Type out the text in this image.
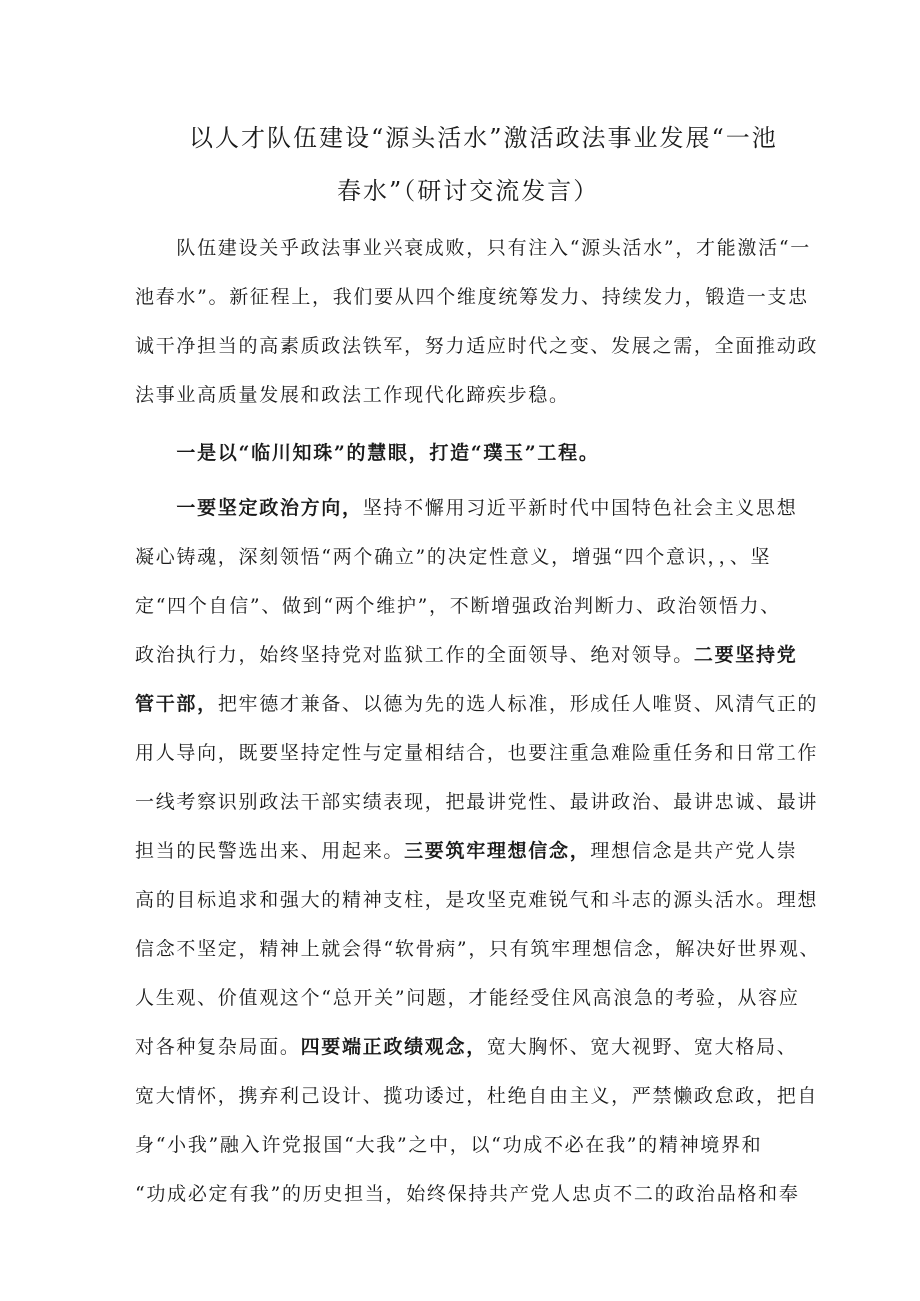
以人才队伍建设“源头活水”激活政法事业发展“一池
春水”（研讨交流发言）
　　队伍建设关乎政法事业兴衰成败，只有注入“源头活水”，才能激活“一
池春水”。新征程上，我们要从四个维度统筹发力、持续发力，锻造一支忠
诚干净担当的高素质政法铁军，努力适应时代之变、发展之需，全面推动政
法事业高质量发展和政法工作现代化蹄疾步稳。
　　一是以“临川知珠”的慧眼，打造“璞玉”工程。
　　一要坚定政治方向，坚持不懈用习近平新时代中国特色社会主义思想
凝心铸魂，深刻领悟“两个确立”的决定性意义，增强“四个意识，，、坚
定“四个自信”、做到“两个维护”，不断增强政治判断力、政治领悟力、
政治执行力，始终坚持党对监狱工作的全面领导、绝对领导。二要坚持党
管干部，把牢德才兼备、以德为先的选人标准，形成任人唯贤、风清气正的
用人导向，既要坚持定性与定量相结合，也要注重急难险重任务和日常工作
一线考察识别政法干部实绩表现，把最讲党性、最讲政治、最讲忠诚、最讲
担当的民警选出来、用起来。三要筑牢理想信念，理想信念是共产党人崇
高的目标追求和强大的精神支柱，是攻坚克难锐气和斗志的源头活水。理想
信念不坚定，精神上就会得“软骨病”，只有筑牢理想信念，解决好世界观、
人生观、价值观这个“总开关”问题，才能经受住风高浪急的考验，从容应
对各种复杂局面。四要端正政绩观念，宽大胸怀、宽大视野、宽大格局、
宽大情怀，携弃利己设计、揽功诿过，杜绝自由主义，严禁懒政怠政，把自
身“小我”融入许党报国“大我”之中，以“功成不必在我”的精神境界和
“功成必定有我”的历史担当，始终保持共产党人忠贞不二的政治品格和奉
